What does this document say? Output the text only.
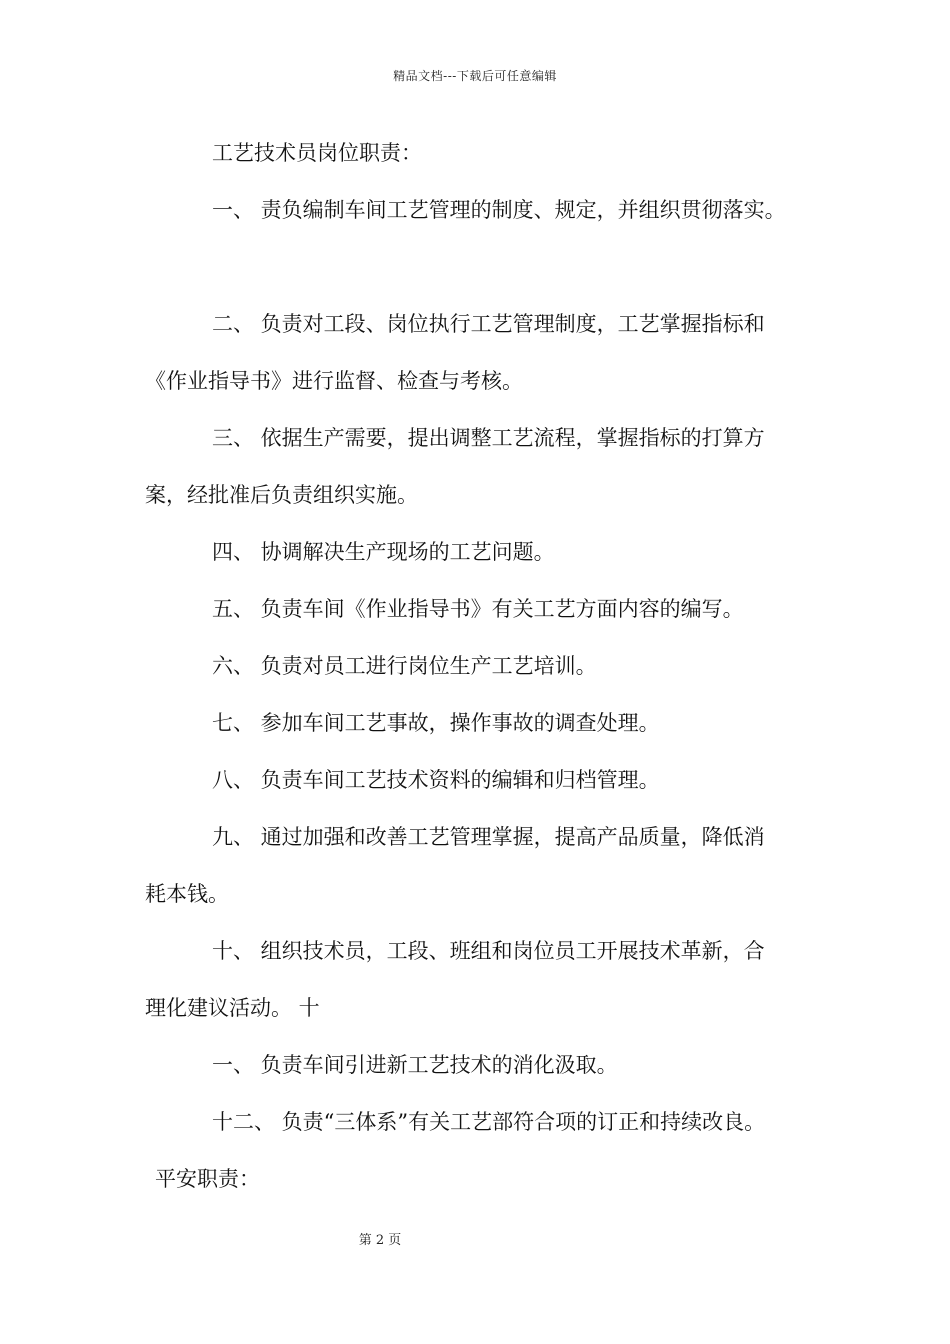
精品文档---下载后可任意编辑
工艺技术员岗位职责：
一、 责负编制车间工艺管理的制度、规定，并组织贯彻落实。
二、 负责对工段、岗位执行工艺管理制度，工艺掌握指标和
《作业指导书》进行监督、检查与考核。
三、 依据生产需要，提出调整工艺流程，掌握指标的打算方
案，经批准后负责组织实施。
四、 协调解决生产现场的工艺问题。
五、 负责车间《作业指导书》有关工艺方面内容的编写。
六、 负责对员工进行岗位生产工艺培训。
七、 参加车间工艺事故，操作事故的调查处理。
八、 负责车间工艺技术资料的编辑和归档管理。
九、 通过加强和改善工艺管理掌握，提高产品质量，降低消
耗本钱。
十、 组织技术员，工段、班组和岗位员工开展技术革新，合
理化建议活动。 十
一、 负责车间引进新工艺技术的消化汲取。
十二、 负责“三体系”有关工艺部符合项的订正和持续改良。
平安职责：
第 2 页
